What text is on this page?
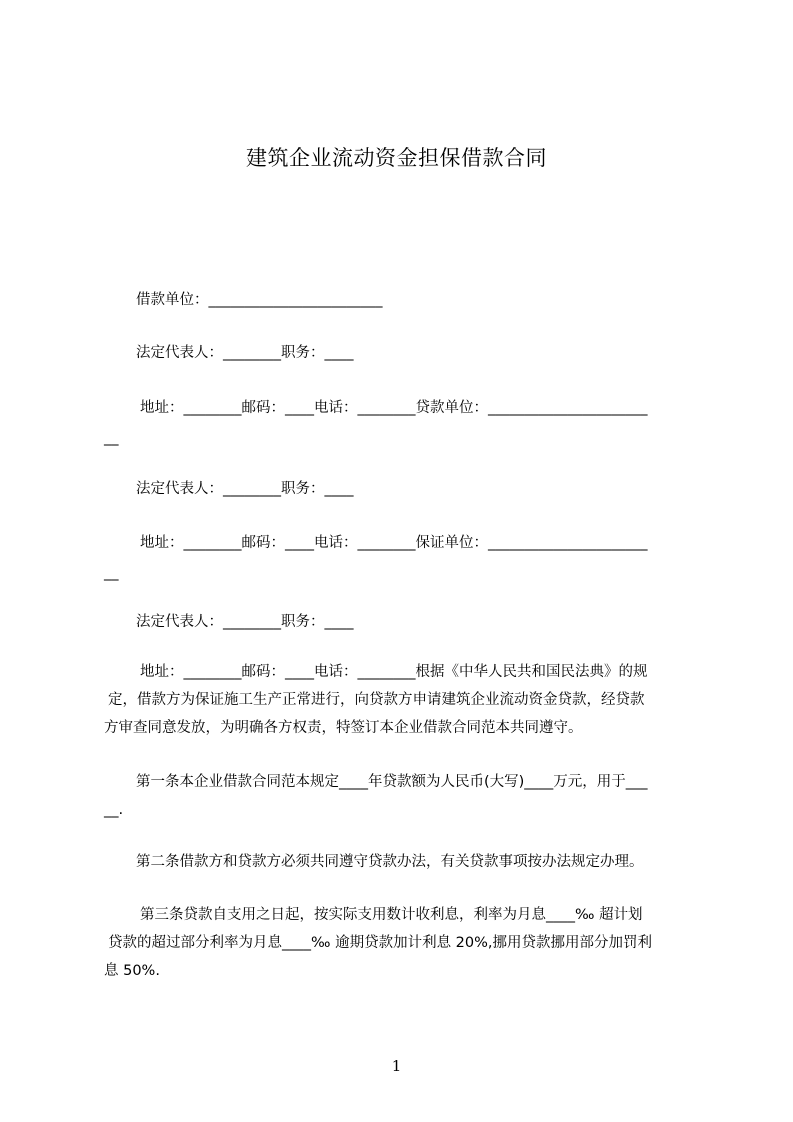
建筑企业流动资金担保借款合同
借款单位：________________________
法定代表人：________职务：____
地址：________邮码：____电话：________贷款单位：______________________
__
法定代表人：________职务：____
地址：________邮码：____电话：________保证单位：______________________
__
法定代表人：________职务：____
地址：________邮码：____电话：________根据《中华人民共和国民法典》的规
定，借款方为保证施工生产正常进行，向贷款方申请建筑企业流动资金贷款，经贷款
方审查同意发放，为明确各方权责，特签订本企业借款合同范本共同遵守。
第一条本企业借款合同范本规定____年贷款额为人民币(大写)____万元，用于___
__.
第二条借款方和贷款方必须共同遵守贷款办法，有关贷款事项按办法规定办理。
第三条贷款自支用之日起，按实际支用数计收利息，利率为月息____‰ 超计划
贷款的超过部分利率为月息____‰ 逾期贷款加计利息 20%,挪用贷款挪用部分加罚利
息 50%.
1
